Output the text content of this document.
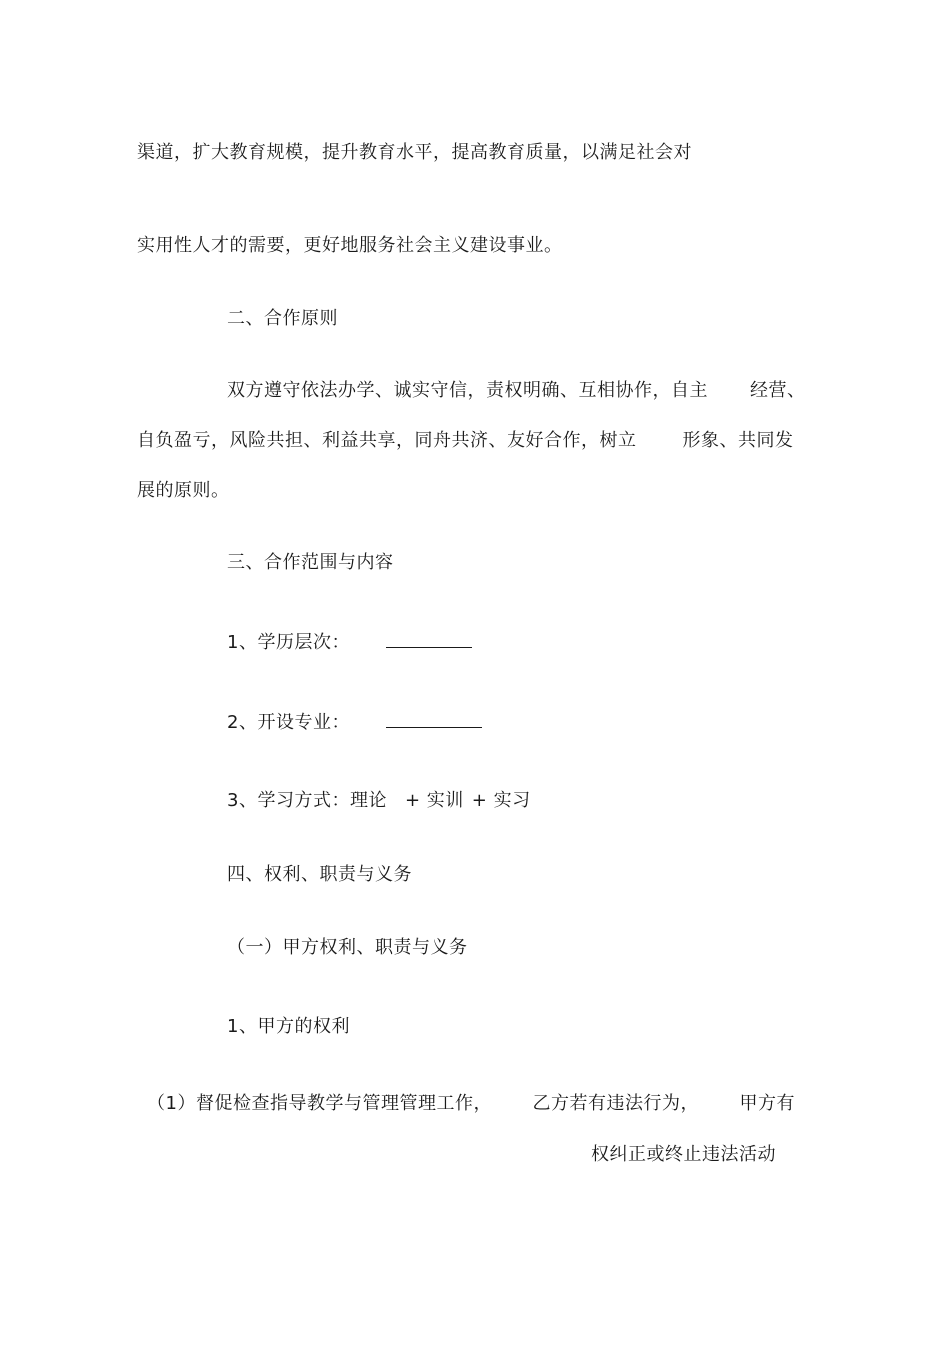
渠道，扩大教育规模，提升教育水平，提高教育质量，以满足社会对
实用性人才的需要，更好地服务社会主义建设事业。
二、合作原则
双方遵守依法办学、诚实守信，责权明确、互相协作，自主 经营、
自负盈亏，风险共担、利益共享，同舟共济、友好合作，树立	形象、共同发
展的原则。
三、合作范围与内容
1、学历层次：
2、开设专业：
3、学习方式：理论 + 实训 + 实习
四、权利、职责与义务
（一）甲方权利、职责与义务
1、甲方的权利
（1）督促检查指导教学与管理管理工作， 乙方若有违法行为， 甲方有
权纠正或终止违法活动
